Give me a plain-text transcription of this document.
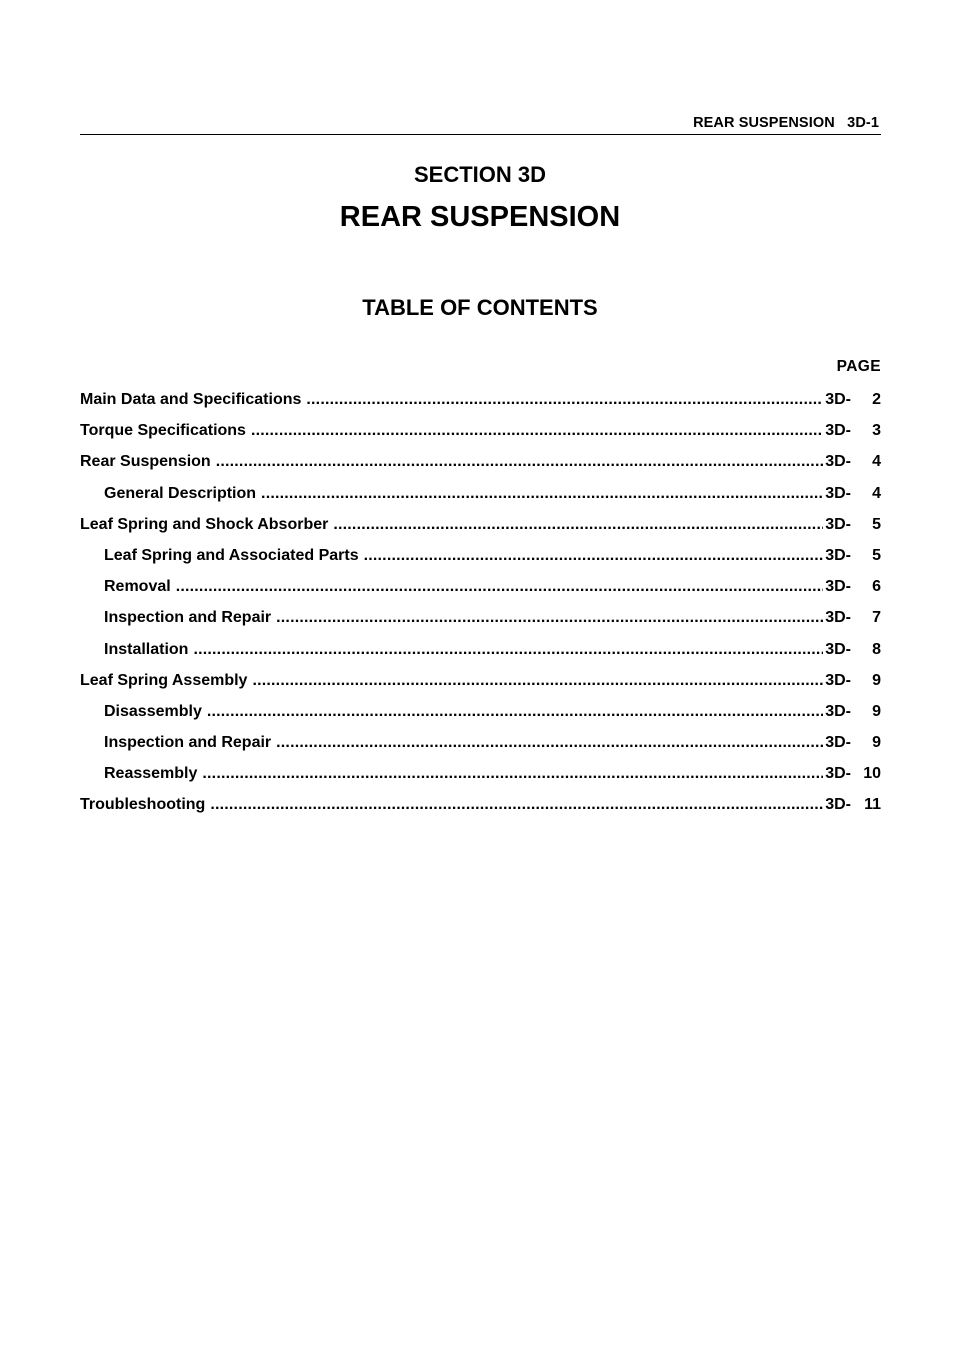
REAR SUSPENSION   3D-1
SECTION 3D
REAR SUSPENSION
TABLE OF CONTENTS
PAGE
Main Data and Specifications .....	3D-	2
Torque Specifications .....	3D-	3
Rear Suspension .....	3D-	4
General Description .....	3D-	4
Leaf Spring and Shock Absorber .....	3D-	5
Leaf Spring and Associated Parts .....	3D-	5
Removal .....	3D-	6
Inspection and Repair .....	3D-	7
Installation .....	3D-	8
Leaf Spring Assembly .....	3D-	9
Disassembly .....	3D-	9
Inspection and Repair .....	3D-	9
Reassembly .....	3D- 10
Troubleshooting .....	3D- 11
